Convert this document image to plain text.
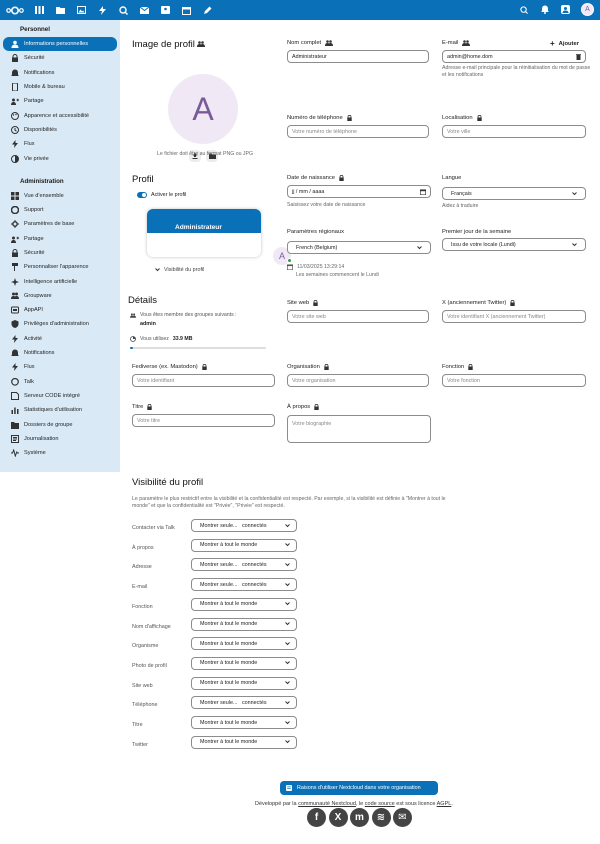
A
Personnel
Informations personnelles
Sécurité
Notifications
Mobile & bureau
Partage
Apparence et accessibilité
Disponibilités
Flux
Vie privée
Administration
Vue d'ensemble
Support
Paramètres de base
Partage
Sécurité
Personnaliser l'apparence
Intelligence artificielle
Groupware
AppAPI
Privilèges d'administration
Activité
Notifications
Flux
Talk
Serveur CODE intégré
Statistiques d'utilisation
Dossiers de groupe
Journalisation
Système
Image de profil
A
Le fichier doit être au format PNG ou JPG
Nom complet
Administrateur
E-mail	+ Ajouter
admin@home.dom
Adresse e-mail principale pour la réinitialisation du mot de passe et les notifications
Numéro de téléphone
Votre numéro de téléphone
Localisation
Votre ville
Profil
Activer le profil
Administrateur
A
Visibilité du profil
Date de naissance
jj / mm / aaaa
Saisissez votre date de naissance
Langue
Français
Aidez à traduire
Paramètres régionaux
French (Belgium)
11/03/2025 13:29:14
Les semaines commencent le Lundi
Premier jour de la semaine
Issu de votre locale (Lundi)
Détails
Vous êtes membre des groupes suivants :
admin
Vous utilisez 33.9 MB
Site web
Votre site web
X (anciennement Twitter)
Votre identifiant X (anciennement Twitter)
Fediverse (ex. Mastodon)
Votre identifiant
Organisation
Votre organisation
Fonction
Votre fonction
Titre
Votre titre
À propos
Votre biographie
Visibilité du profil
Le paramètre le plus restrictif entre la visibilité et la confidentialité est respecté. Par exemple, si la visibilité est définie à "Montrer à tout le monde" et que la confidentialité est "Privée", "Privée" est respecté.
Contacter via Talk	Montrer seule...   connectés
À propos	Montrer à tout le monde
Adresse	Montrer seule...   connectés
E-mail	Montrer seule...   connectés
Fonction	Montrer à tout le monde
Nom d'affichage	Montrer à tout le monde
Organisme	Montrer à tout le monde
Photo de profil	Montrer à tout le monde
Site web	Montrer à tout le monde
Téléphone	Montrer seule...   connectés
Titre	Montrer à tout le monde
Twitter	Montrer à tout le monde
Raisons d'utiliser Nextcloud dans votre organisation
Développé par la communauté Nextcloud, le code source est sous licence AGPL.
f	X	m	≋	✉
